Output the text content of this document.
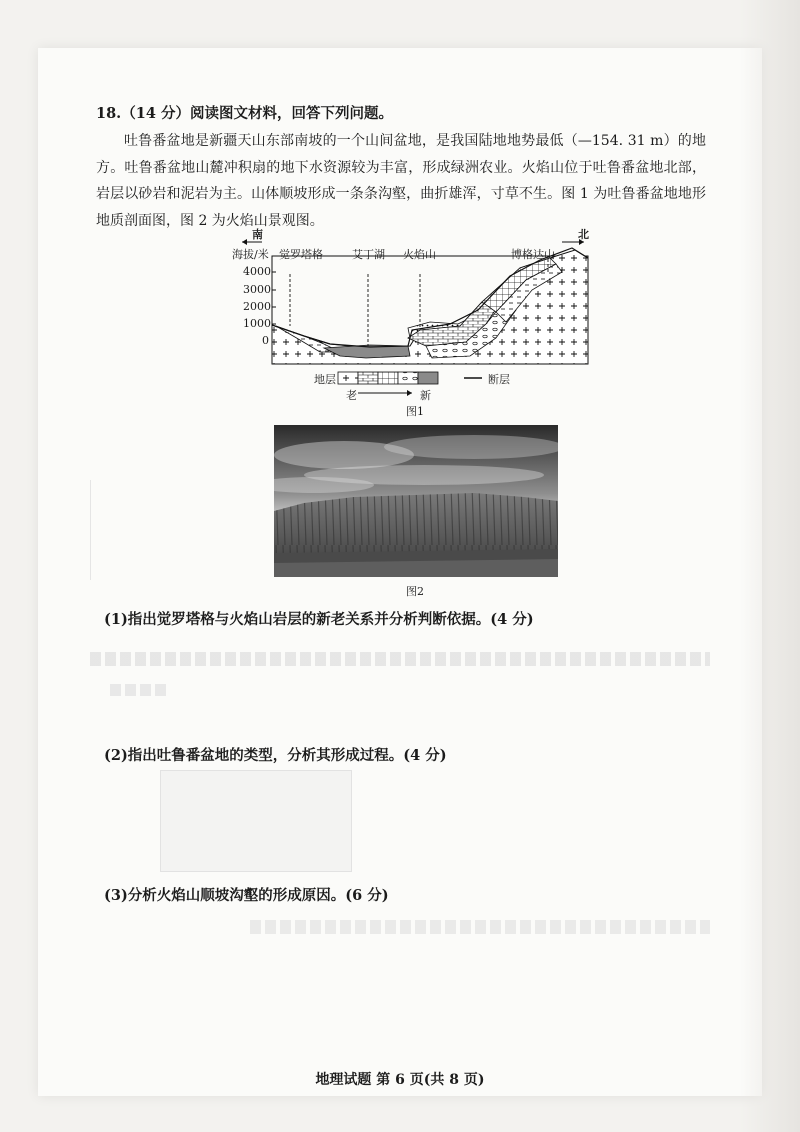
18.（14 分）阅读图文材料，回答下列问题。
吐鲁番盆地是新疆天山东部南坡的一个山间盆地，是我国陆地地势最低（—154. 31 m）的地方。吐鲁番盆地山麓冲积扇的地下水资源较为丰富，形成绿洲农业。火焰山位于吐鲁番盆地北部，岩层以砂岩和泥岩为主。山体顺坡形成一条条沟壑，曲折雄浑，寸草不生。图 1 为吐鲁番盆地地形地质剖面图，图 2 为火焰山景观图。
南	北
海拔/米
4000
3000
2000
1000
0
觉罗塔格	艾丁湖 火焰山	博格达山
地层	断层
老	新
图1
图2
(1)指出觉罗塔格与火焰山岩层的新老关系并分析判断依据。(4 分)
(2)指出吐鲁番盆地的类型，分析其形成过程。(4 分)
(3)分析火焰山顺坡沟壑的形成原因。(6 分)
地理试题 第 6 页(共 8 页)
